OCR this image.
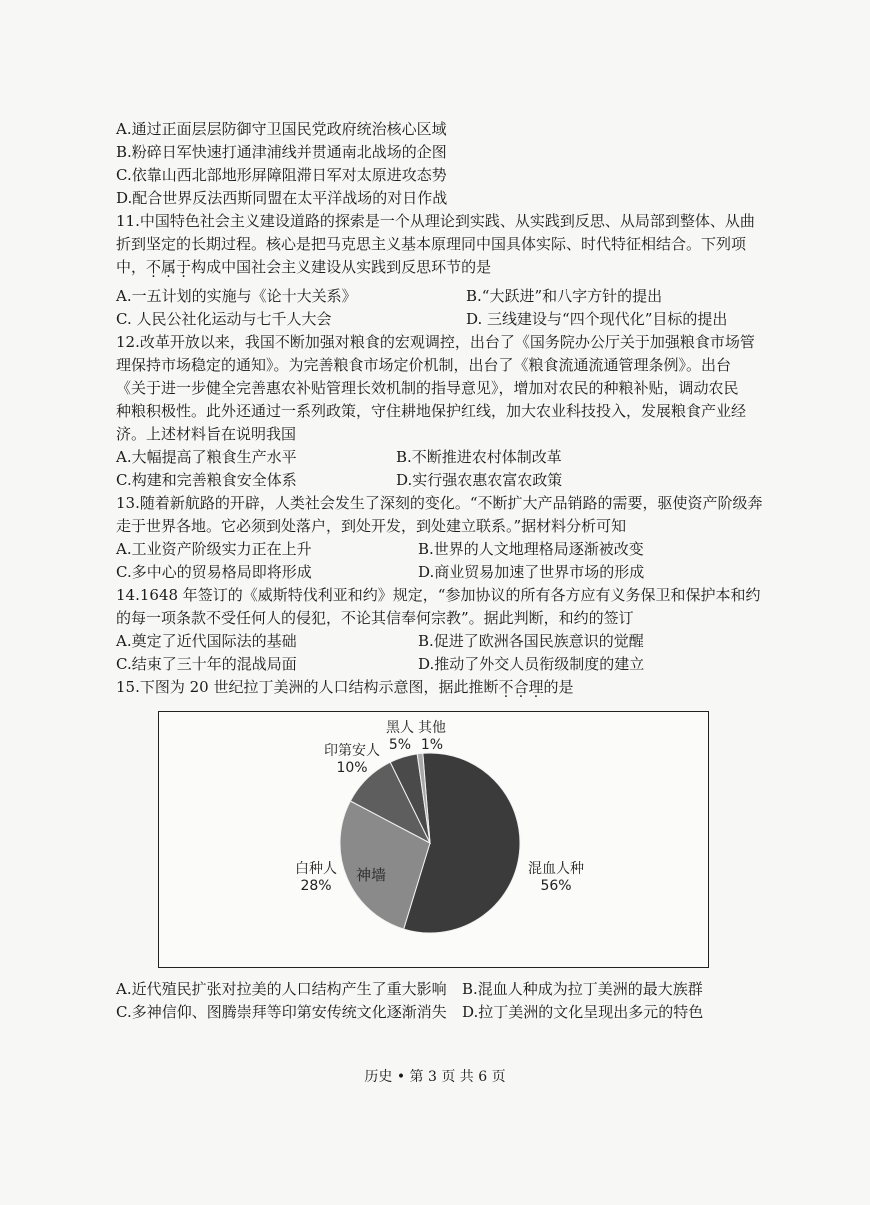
A.通过正面层层防御守卫国民党政府统治核心区域
B.粉碎日军快速打通津浦线并贯通南北战场的企图
C.依靠山西北部地形屏障阻滞日军对太原进攻态势
D.配合世界反法西斯同盟在太平洋战场的对日作战
11.中国特色社会主义建设道路的探索是一个从理论到实践、从实践到反思、从局部到整体、从曲
折到坚定的长期过程。核心是把马克思主义基本原理同中国具体实际、时代特征相结合。下列项
中，不属于构成中国社会主义建设从实践到反思环节的是
A.一五计划的实施与《论十大关系》	B.“大跃进”和八字方针的提出
C. 人民公社化运动与七千人大会	D. 三线建设与“四个现代化”目标的提出
12.改革开放以来，我国不断加强对粮食的宏观调控，出台了《国务院办公厅关于加强粮食市场管
理保持市场稳定的通知》。为完善粮食市场定价机制，出台了《粮食流通流通管理条例》。出台
《关于进一步健全完善惠农补贴管理长效机制的指导意见》，增加对农民的种粮补贴，调动农民
种粮积极性。此外还通过一系列政策，守住耕地保护红线，加大农业科技投入，发展粮食产业经
济。上述材料旨在说明我国
A.大幅提高了粮食生产水平	B.不断推进农村体制改革
C.构建和完善粮食安全体系	D.实行强农惠农富农政策
13.随着新航路的开辟，人类社会发生了深刻的变化。“不断扩大产品销路的需要，驱使资产阶级奔
走于世界各地。它必须到处落户，到处开发，到处建立联系。”据材料分析可知
A.工业资产阶级实力正在上升	B.世界的人文地理格局逐渐被改变
C.多中心的贸易格局即将形成	D.商业贸易加速了世界市场的形成
14.1648 年签订的《威斯特伐利亚和约》规定，“参加协议的所有各方应有义务保卫和保护本和约
的每一项条款不受任何人的侵犯，不论其信奉何宗教”。据此判断，和约的签订
A.奠定了近代国际法的基础	B.促进了欧洲各国民族意识的觉醒
C.结束了三十年的混战局面	D.推动了外交人员衔级制度的建立
15.下图为 20 世纪拉丁美洲的人口结构示意图，据此推断不合理的是
混血人种
56%
白种人
28%
印第安人
10%
黑人
5%
其他
1%
神墙
A.近代殖民扩张对拉美的人口结构产生了重大影响 B.混血人种成为拉丁美洲的最大族群
C.多神信仰、图腾崇拜等印第安传统文化逐渐消失 D.拉丁美洲的文化呈现出多元的特色
历史 • 第 3 页 共 6 页
